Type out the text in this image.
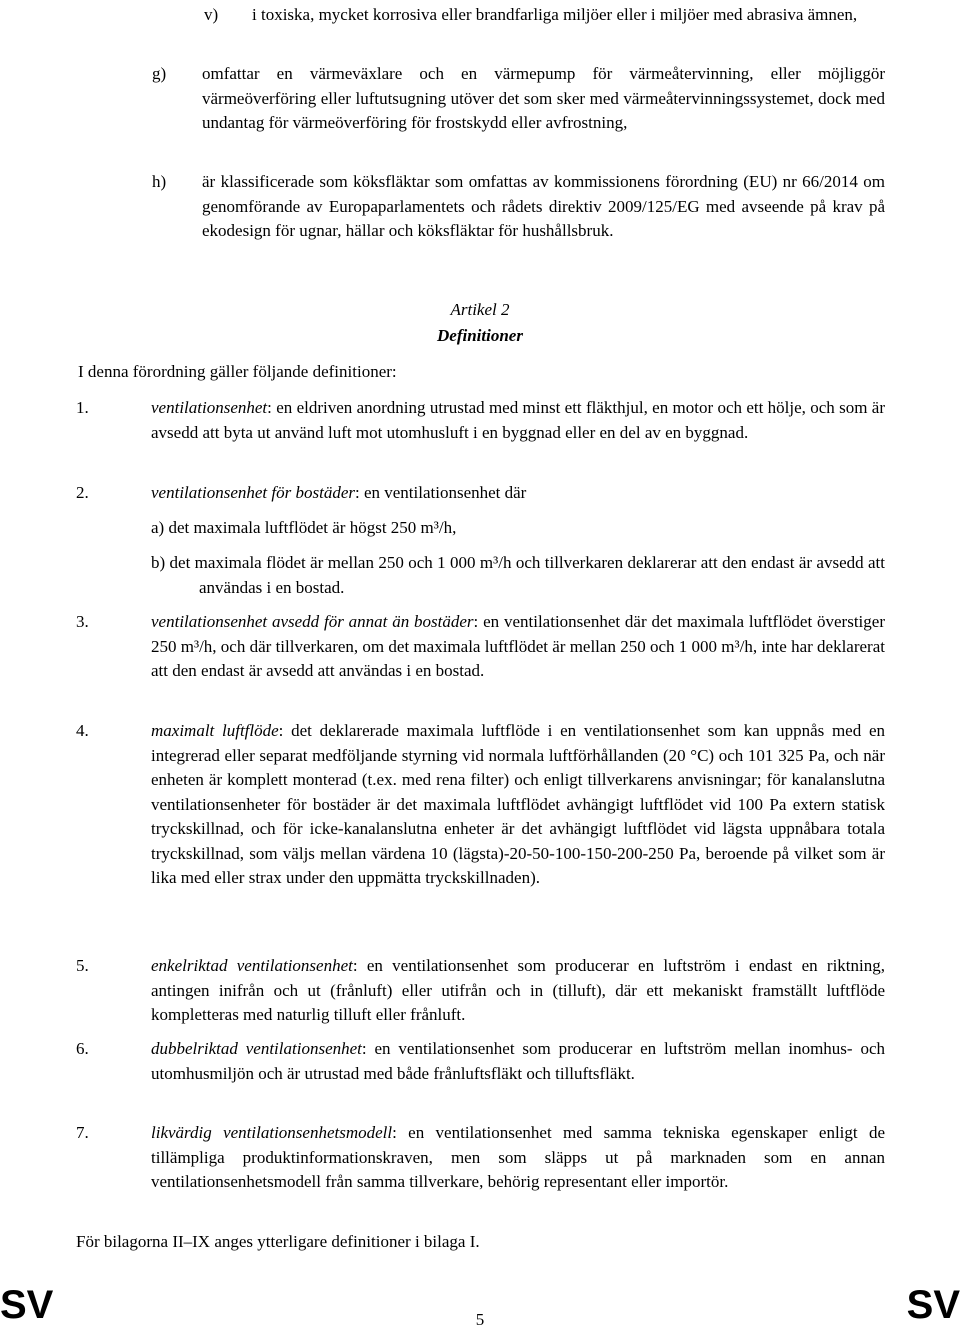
v) i toxiska, mycket korrosiva eller brandfarliga miljöer eller i miljöer med abrasiva ämnen,

g) omfattar en värmeväxlare och en värmepump för värmeåtervinning, eller möjliggör värmeöverföring eller luftutsugning utöver det som sker med värmeåtervinningssystemet, dock med undantag för värmeöverföring för frostskydd eller avfrostning,

h) är klassificerade som köksfläktar som omfattas av kommissionens förordning (EU) nr 66/2014 om genomförande av Europaparlamentets och rådets direktiv 2009/125/EG med avseende på krav på ekodesign för ugnar, hällar och köksfläktar för hushållsbruk.

Artikel 2
Definitioner

I denna förordning gäller följande definitioner:

1.	ventilationsenhet: en eldriven anordning utrustad med minst ett fläkthjul, en motor och ett hölje, och som är avsedd att byta ut använd luft mot utomhusluft i en byggnad eller en del av en byggnad.

2.	ventilationsenhet för bostäder: en ventilationsenhet där

a) det maximala luftflödet är högst 250 m³/h,

b) det maximala flödet är mellan 250 och 1 000 m³/h och tillverkaren deklarerar att den endast är avsedd att användas i en bostad.

3.	ventilationsenhet avsedd för annat än bostäder: en ventilationsenhet där det maximala luftflödet överstiger 250 m³/h, och där tillverkaren, om det maximala luftflödet är mellan 250 och 1 000 m³/h, inte har deklarerat att den endast är avsedd att användas i en bostad.

4.	maximalt luftflöde: det deklarerade maximala luftflöde i en ventilationsenhet som kan uppnås med en integrerad eller separat medföljande styrning vid normala luftförhållanden (20 °C) och 101 325 Pa, och när enheten är komplett monterad (t.ex. med rena filter) och enligt tillverkarens anvisningar; för kanalanslutna ventilationsenheter för bostäder är det maximala luftflödet avhängigt luftflödet vid 100 Pa extern statisk tryckskillnad, och för icke-kanalanslutna enheter är det avhängigt luftflödet vid lägsta uppnåbara totala tryckskillnad, som väljs mellan värdena 10 (lägsta)-20-50-100-150-200-250 Pa, beroende på vilket som är lika med eller strax under den uppmätta tryckskillnaden).

5.	enkelriktad ventilationsenhet: en ventilationsenhet som producerar en luftström i endast en riktning, antingen inifrån och ut (frånluft) eller utifrån och in (tilluft), där ett mekaniskt framställt luftflöde kompletteras med naturlig tilluft eller frånluft.

6.	dubbelriktad ventilationsenhet: en ventilationsenhet som producerar en luftström mellan inomhus- och utomhusmiljön och är utrustad med både frånluftsfläkt och tilluftsfläkt.

7.	likvärdig ventilationsenhetsmodell: en ventilationsenhet med samma tekniska egenskaper enligt de tillämpliga produktinformationskraven, men som släpps ut på marknaden som en annan ventilationsenhetsmodell från samma tillverkare, behörig representant eller importör.

För bilagorna II–IX anges ytterligare definitioner i bilaga I.

SV	5	SV
